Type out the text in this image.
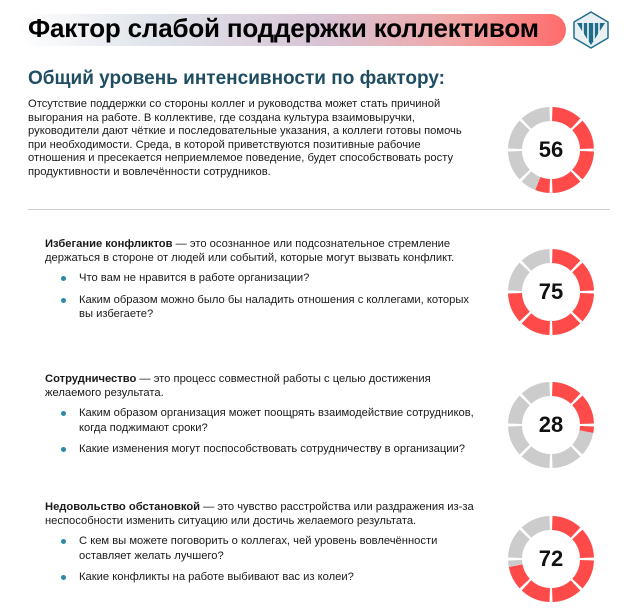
Фактор слабой поддержки коллективом
Общий уровень интенсивности по фактору:
Отсутствие поддержки со стороны коллег и руководства может стать причиной выгорания на работе. В коллективе, где создана культура взаимовыручки, руководители дают чёткие и последовательные указания, а коллеги готовы помочь при необходимости. Среда, в которой приветствуются позитивные рабочие отношения и пресекается неприемлемое поведение, будет способствовать росту продуктивности и вовлечённости сотрудников.
56
Избегание конфликтов — это осознанное или подсознательное стремление держаться в стороне от людей или событий, которые могут вызвать конфликт.
Что вам не нравится в работе организации?
Каким образом можно было бы наладить отношения с коллегами, которых вы избегаете?
75
Сотрудничество — это процесс совместной работы с целью достижения желаемого результата.
Каким образом организация может поощрять взаимодействие сотрудников, когда поджимают сроки?
Какие изменения могут поспособствовать сотрудничеству в организации?
28
Недовольство обстановкой — это чувство расстройства или раздражения из-за неспособности изменить ситуацию или достичь желаемого результата.
С кем вы можете поговорить о коллегах, чей уровень вовлечённости оставляет желать лучшего?
Какие конфликты на работе выбивают вас из колеи?
72
